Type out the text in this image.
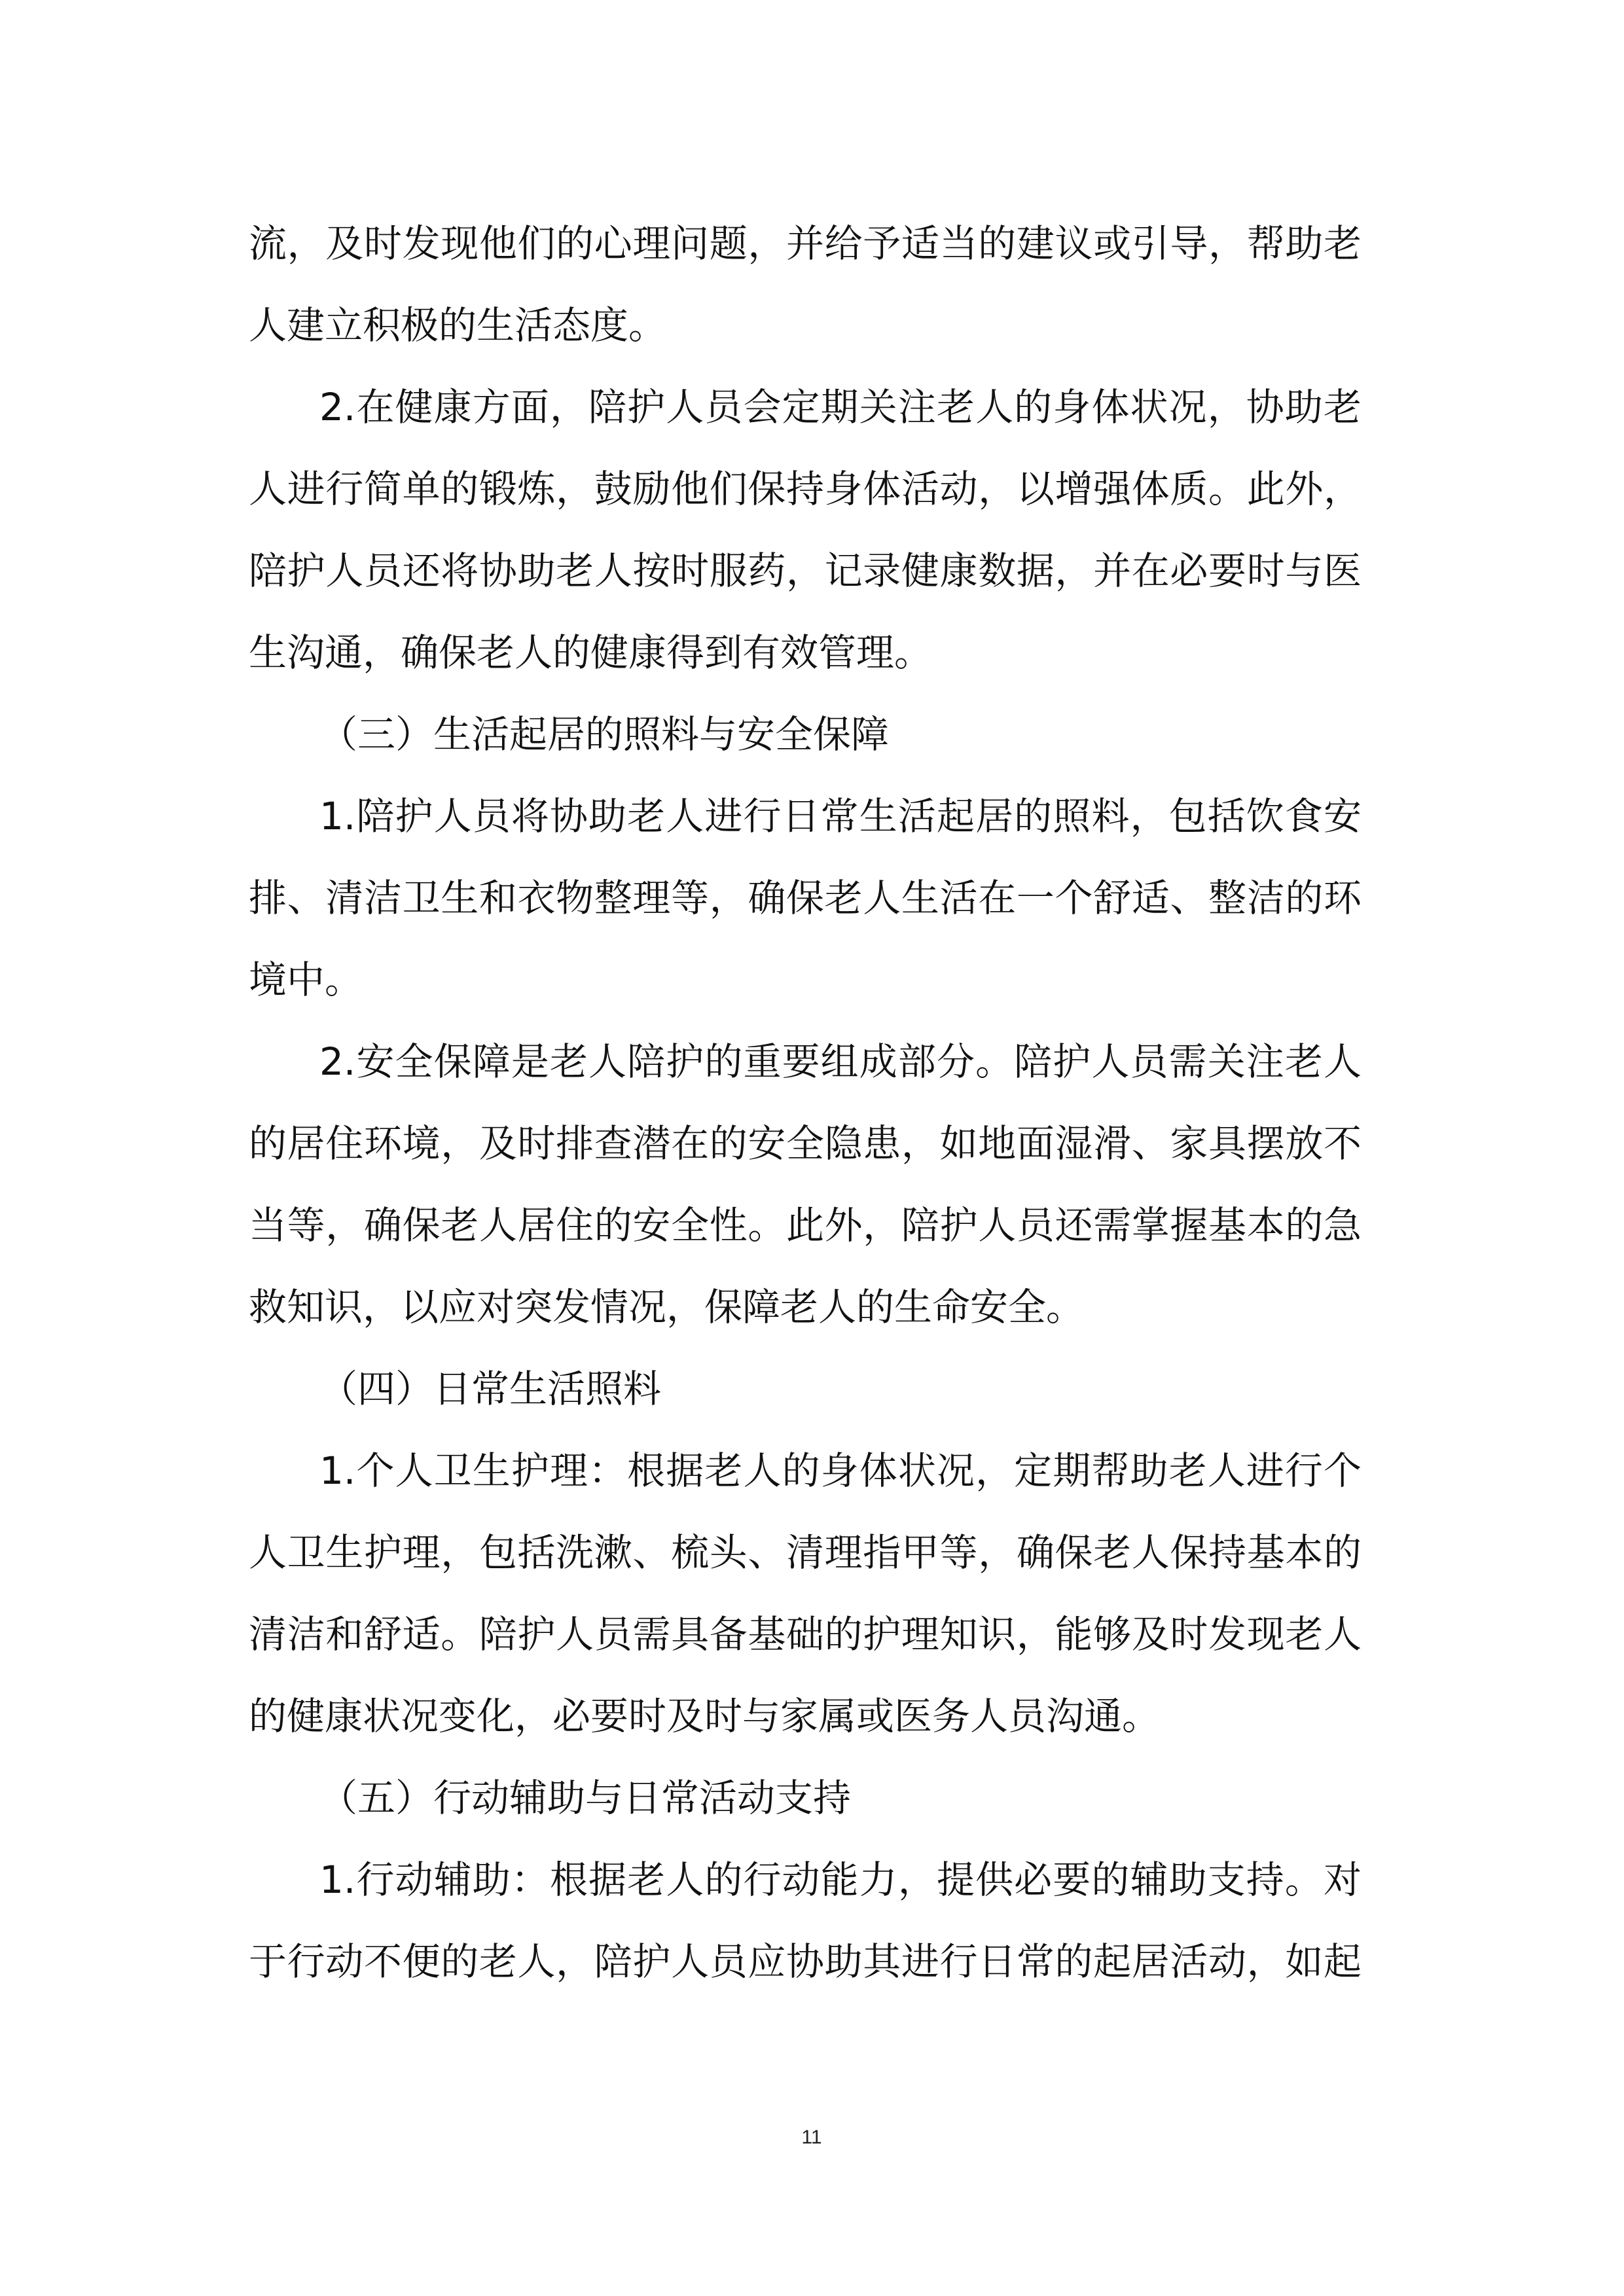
流，及时发现他们的心理问题，并给予适当的建议或引导，帮助老
人建立积极的生活态度。
2.在健康方面，陪护人员会定期关注老人的身体状况，协助老
人进行简单的锻炼，鼓励他们保持身体活动，以增强体质。此外，
陪护人员还将协助老人按时服药，记录健康数据，并在必要时与医
生沟通，确保老人的健康得到有效管理。
（三）生活起居的照料与安全保障
1.陪护人员将协助老人进行日常生活起居的照料，包括饮食安
排、清洁卫生和衣物整理等，确保老人生活在一个舒适、整洁的环
境中。
2.安全保障是老人陪护的重要组成部分。陪护人员需关注老人
的居住环境，及时排查潜在的安全隐患，如地面湿滑、家具摆放不
当等，确保老人居住的安全性。此外，陪护人员还需掌握基本的急
救知识，以应对突发情况，保障老人的生命安全。
（四）日常生活照料
1.个人卫生护理：根据老人的身体状况，定期帮助老人进行个
人卫生护理，包括洗漱、梳头、清理指甲等，确保老人保持基本的
清洁和舒适。陪护人员需具备基础的护理知识，能够及时发现老人
的健康状况变化，必要时及时与家属或医务人员沟通。
（五）行动辅助与日常活动支持
1.行动辅助：根据老人的行动能力，提供必要的辅助支持。对
于行动不便的老人，陪护人员应协助其进行日常的起居活动，如起
11
